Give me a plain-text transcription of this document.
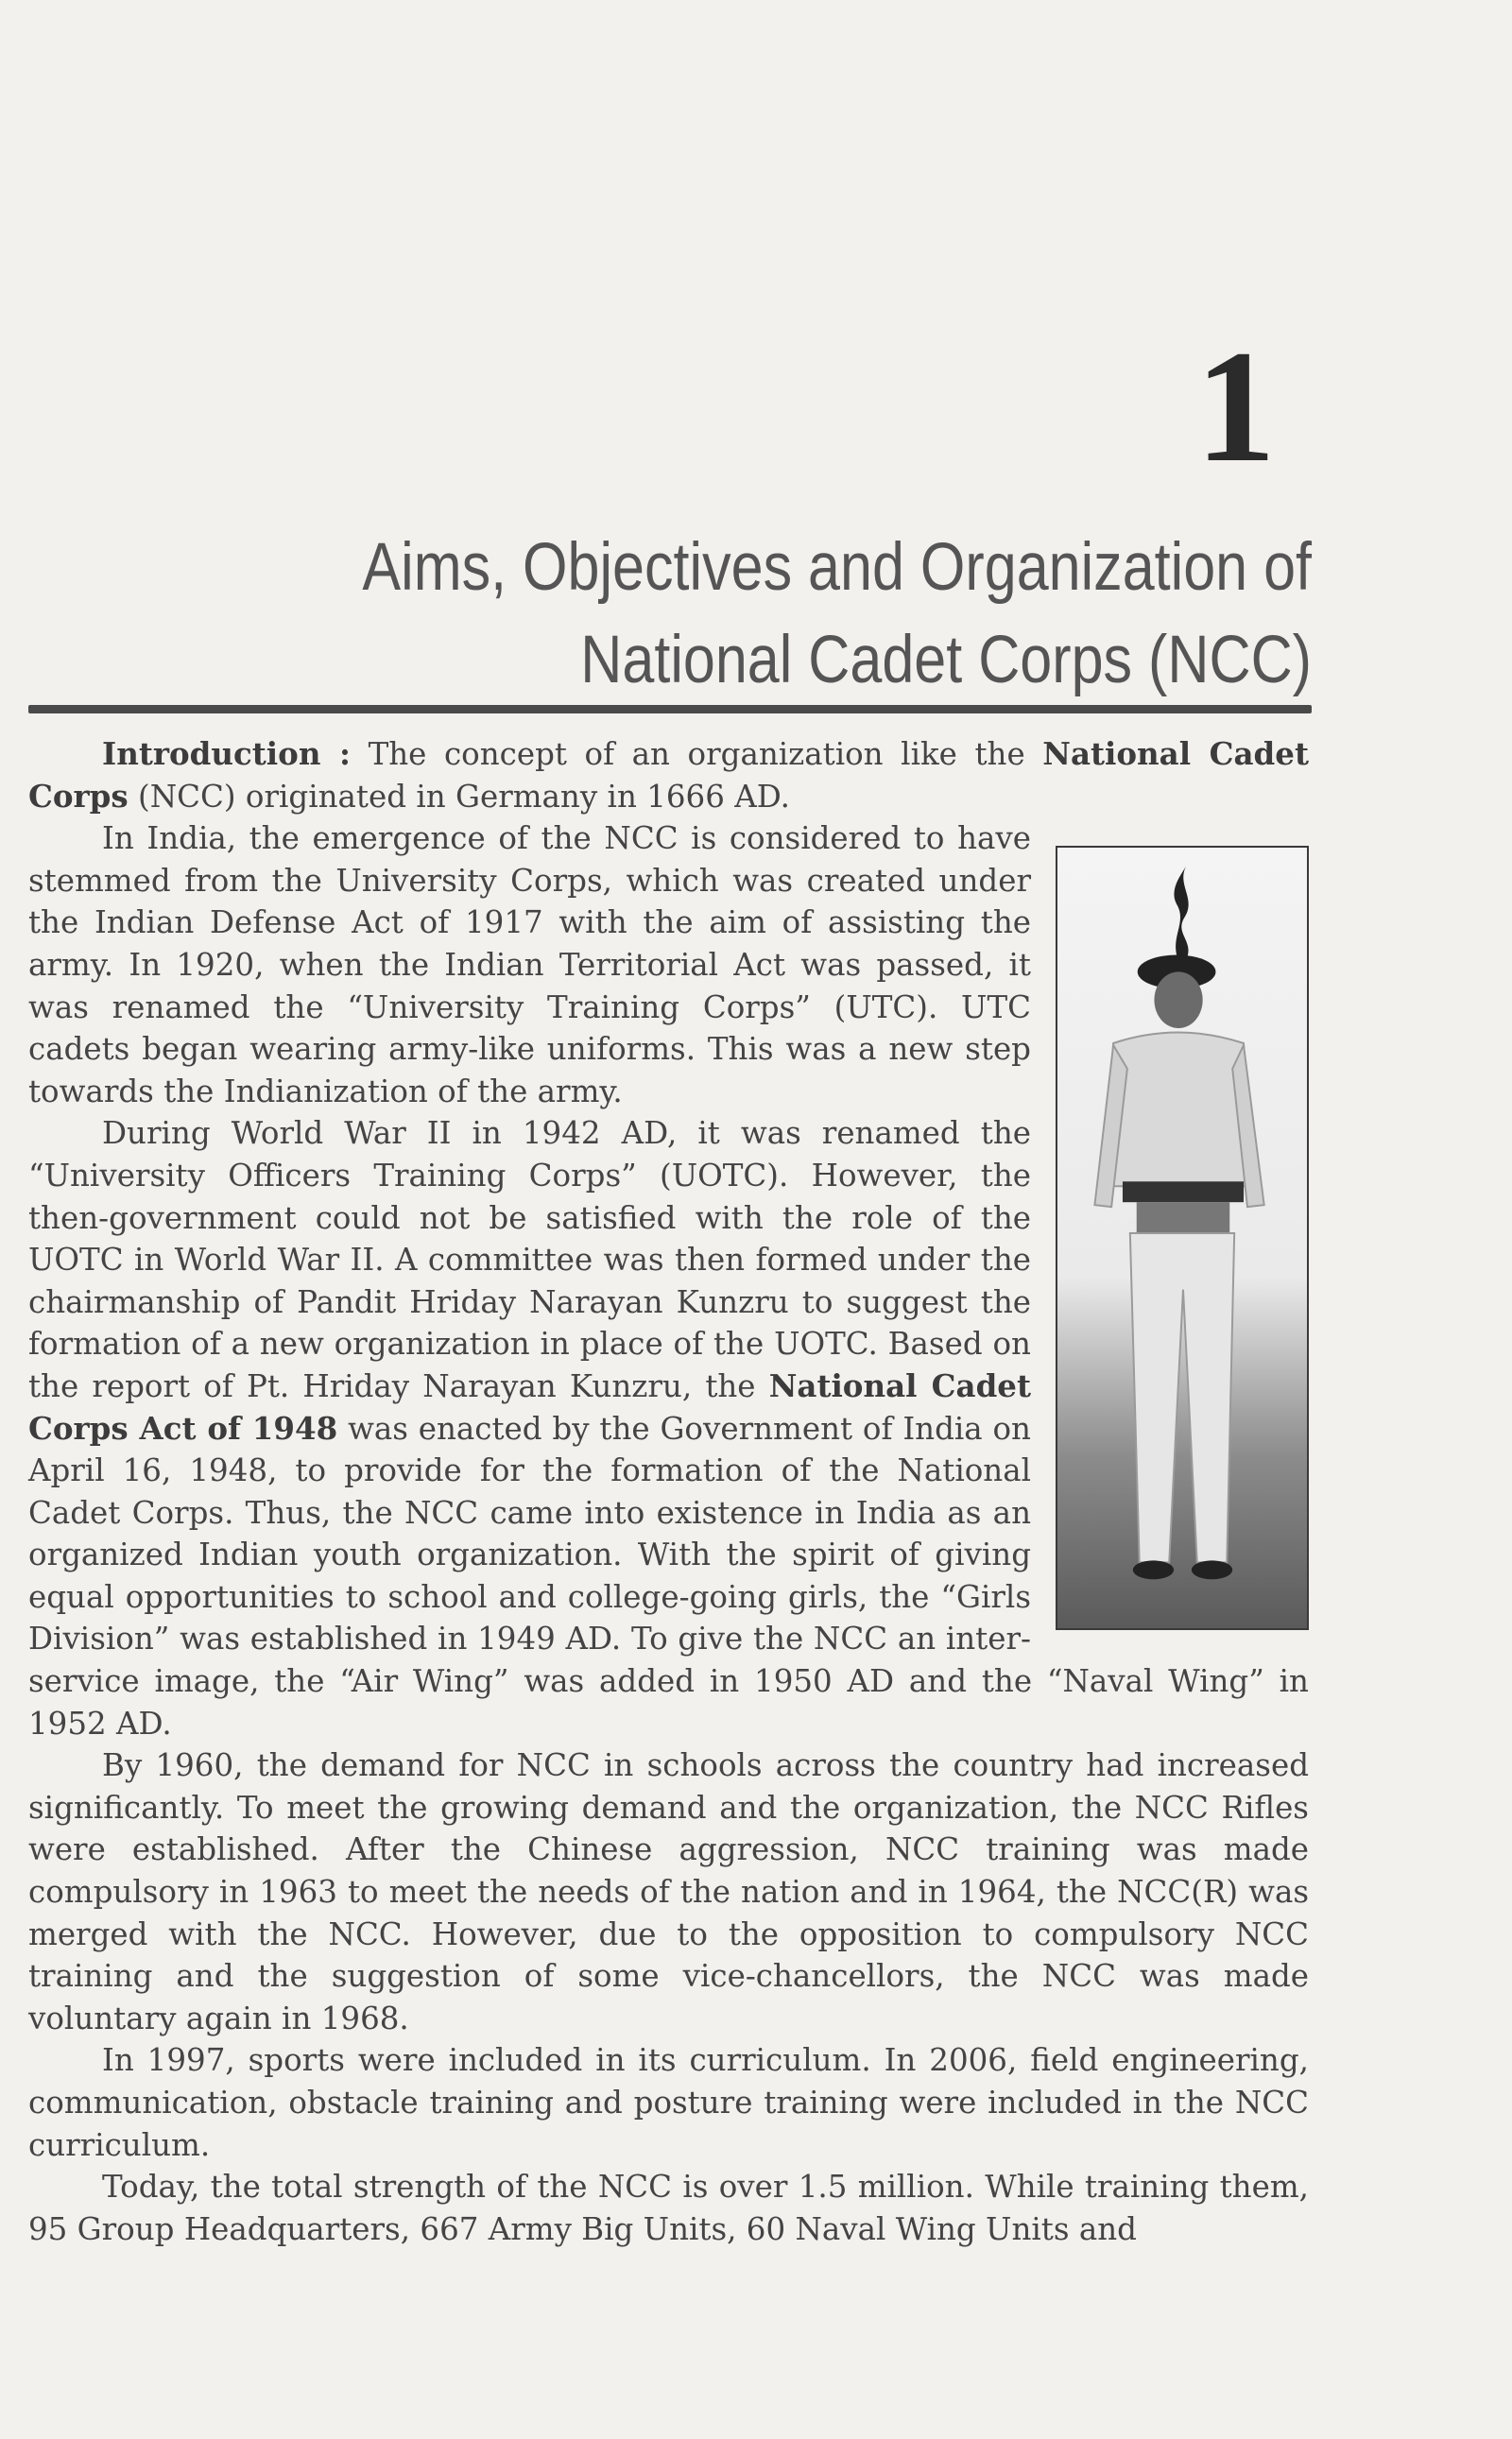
1
Aims, Objectives and Organization of
National Cadet Corps (NCC)

Introduction : The concept of an organization like the National Cadet Corps (NCC) originated in Germany in 1666 AD.

In India, the emergence of the NCC is considered to have stemmed from the University Corps, which was created under the Indian Defense Act of 1917 with the aim of assisting the army. In 1920, when the Indian Territorial Act was passed, it was renamed the “University Training Corps” (UTC). UTC cadets began wearing army-like uniforms. This was a new step towards the Indianization of the army.

During World War II in 1942 AD, it was renamed the “University Officers Training Corps” (UOTC). However, the then-government could not be satisfied with the role of the UOTC in World War II. A committee was then formed under the chairmanship of Pandit Hriday Narayan Kunzru to suggest the formation of a new organization in place of the UOTC. Based on the report of Pt. Hriday Narayan Kunzru, the National Cadet Corps Act of 1948 was enacted by the Government of India on April 16, 1948, to provide for the formation of the National Cadet Corps. Thus, the NCC came into existence in India as an organized Indian youth organization. With the spirit of giving equal opportunities to school and college-going girls, the “Girls Division” was established in 1949 AD. To give the NCC an inter-service image, the “Air Wing” was added in 1950 AD and the “Naval Wing” in 1952 AD.

By 1960, the demand for NCC in schools across the country had increased significantly. To meet the growing demand and the organization, the NCC Rifles were established. After the Chinese aggression, NCC training was made compulsory in 1963 to meet the needs of the nation and in 1964, the NCC(R) was merged with the NCC. However, due to the opposition to compulsory NCC training and the suggestion of some vice-chancellors, the NCC was made voluntary again in 1968.

In 1997, sports were included in its curriculum. In 2006, field engineering, communication, obstacle training and posture training were included in the NCC curriculum.

Today, the total strength of the NCC is over 1.5 million. While training them, 95 Group Headquarters, 667 Army Big Units, 60 Naval Wing Units and
